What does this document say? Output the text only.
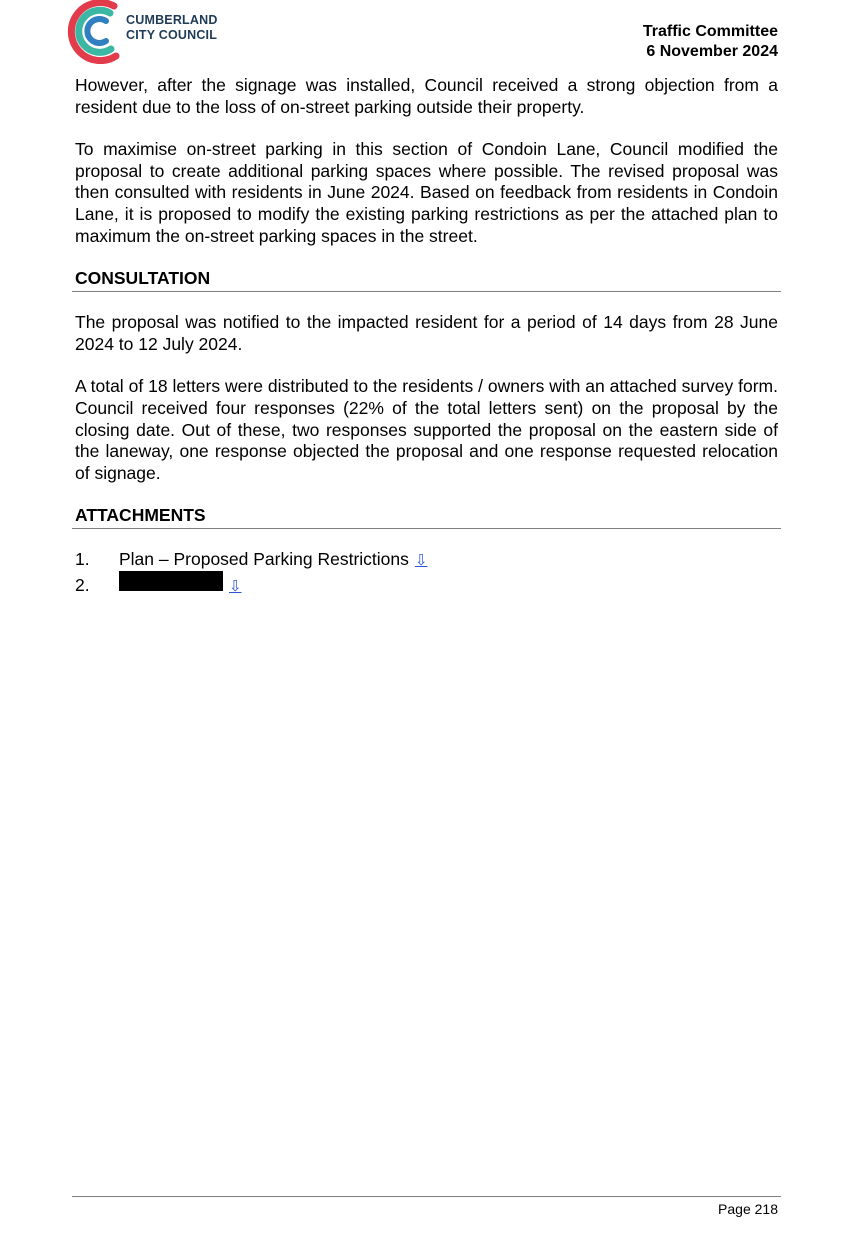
CUMBERLAND
CITY COUNCIL	Traffic Committee
6 November 2024

However, after the signage was installed, Council received a strong objection from a resident due to the loss of on-street parking outside their property.

To maximise on-street parking in this section of Condoin Lane, Council modified the proposal to create additional parking spaces where possible. The revised proposal was then consulted with residents in June 2024. Based on feedback from residents in Condoin Lane, it is proposed to modify the existing parking restrictions as per the attached plan to maximum the on-street parking spaces in the street.

CONSULTATION

The proposal was notified to the impacted resident for a period of 14 days from 28 June 2024 to 12 July 2024.

A total of 18 letters were distributed to the residents / owners with an attached survey form. Council received four responses (22% of the total letters sent) on the proposal by the closing date. Out of these, two responses supported the proposal on the eastern side of the laneway, one response objected the proposal and one response requested relocation of signage.

ATTACHMENTS
1.	Plan – Proposed Parking Restrictions ⇩
2.	⇩
Page 218
